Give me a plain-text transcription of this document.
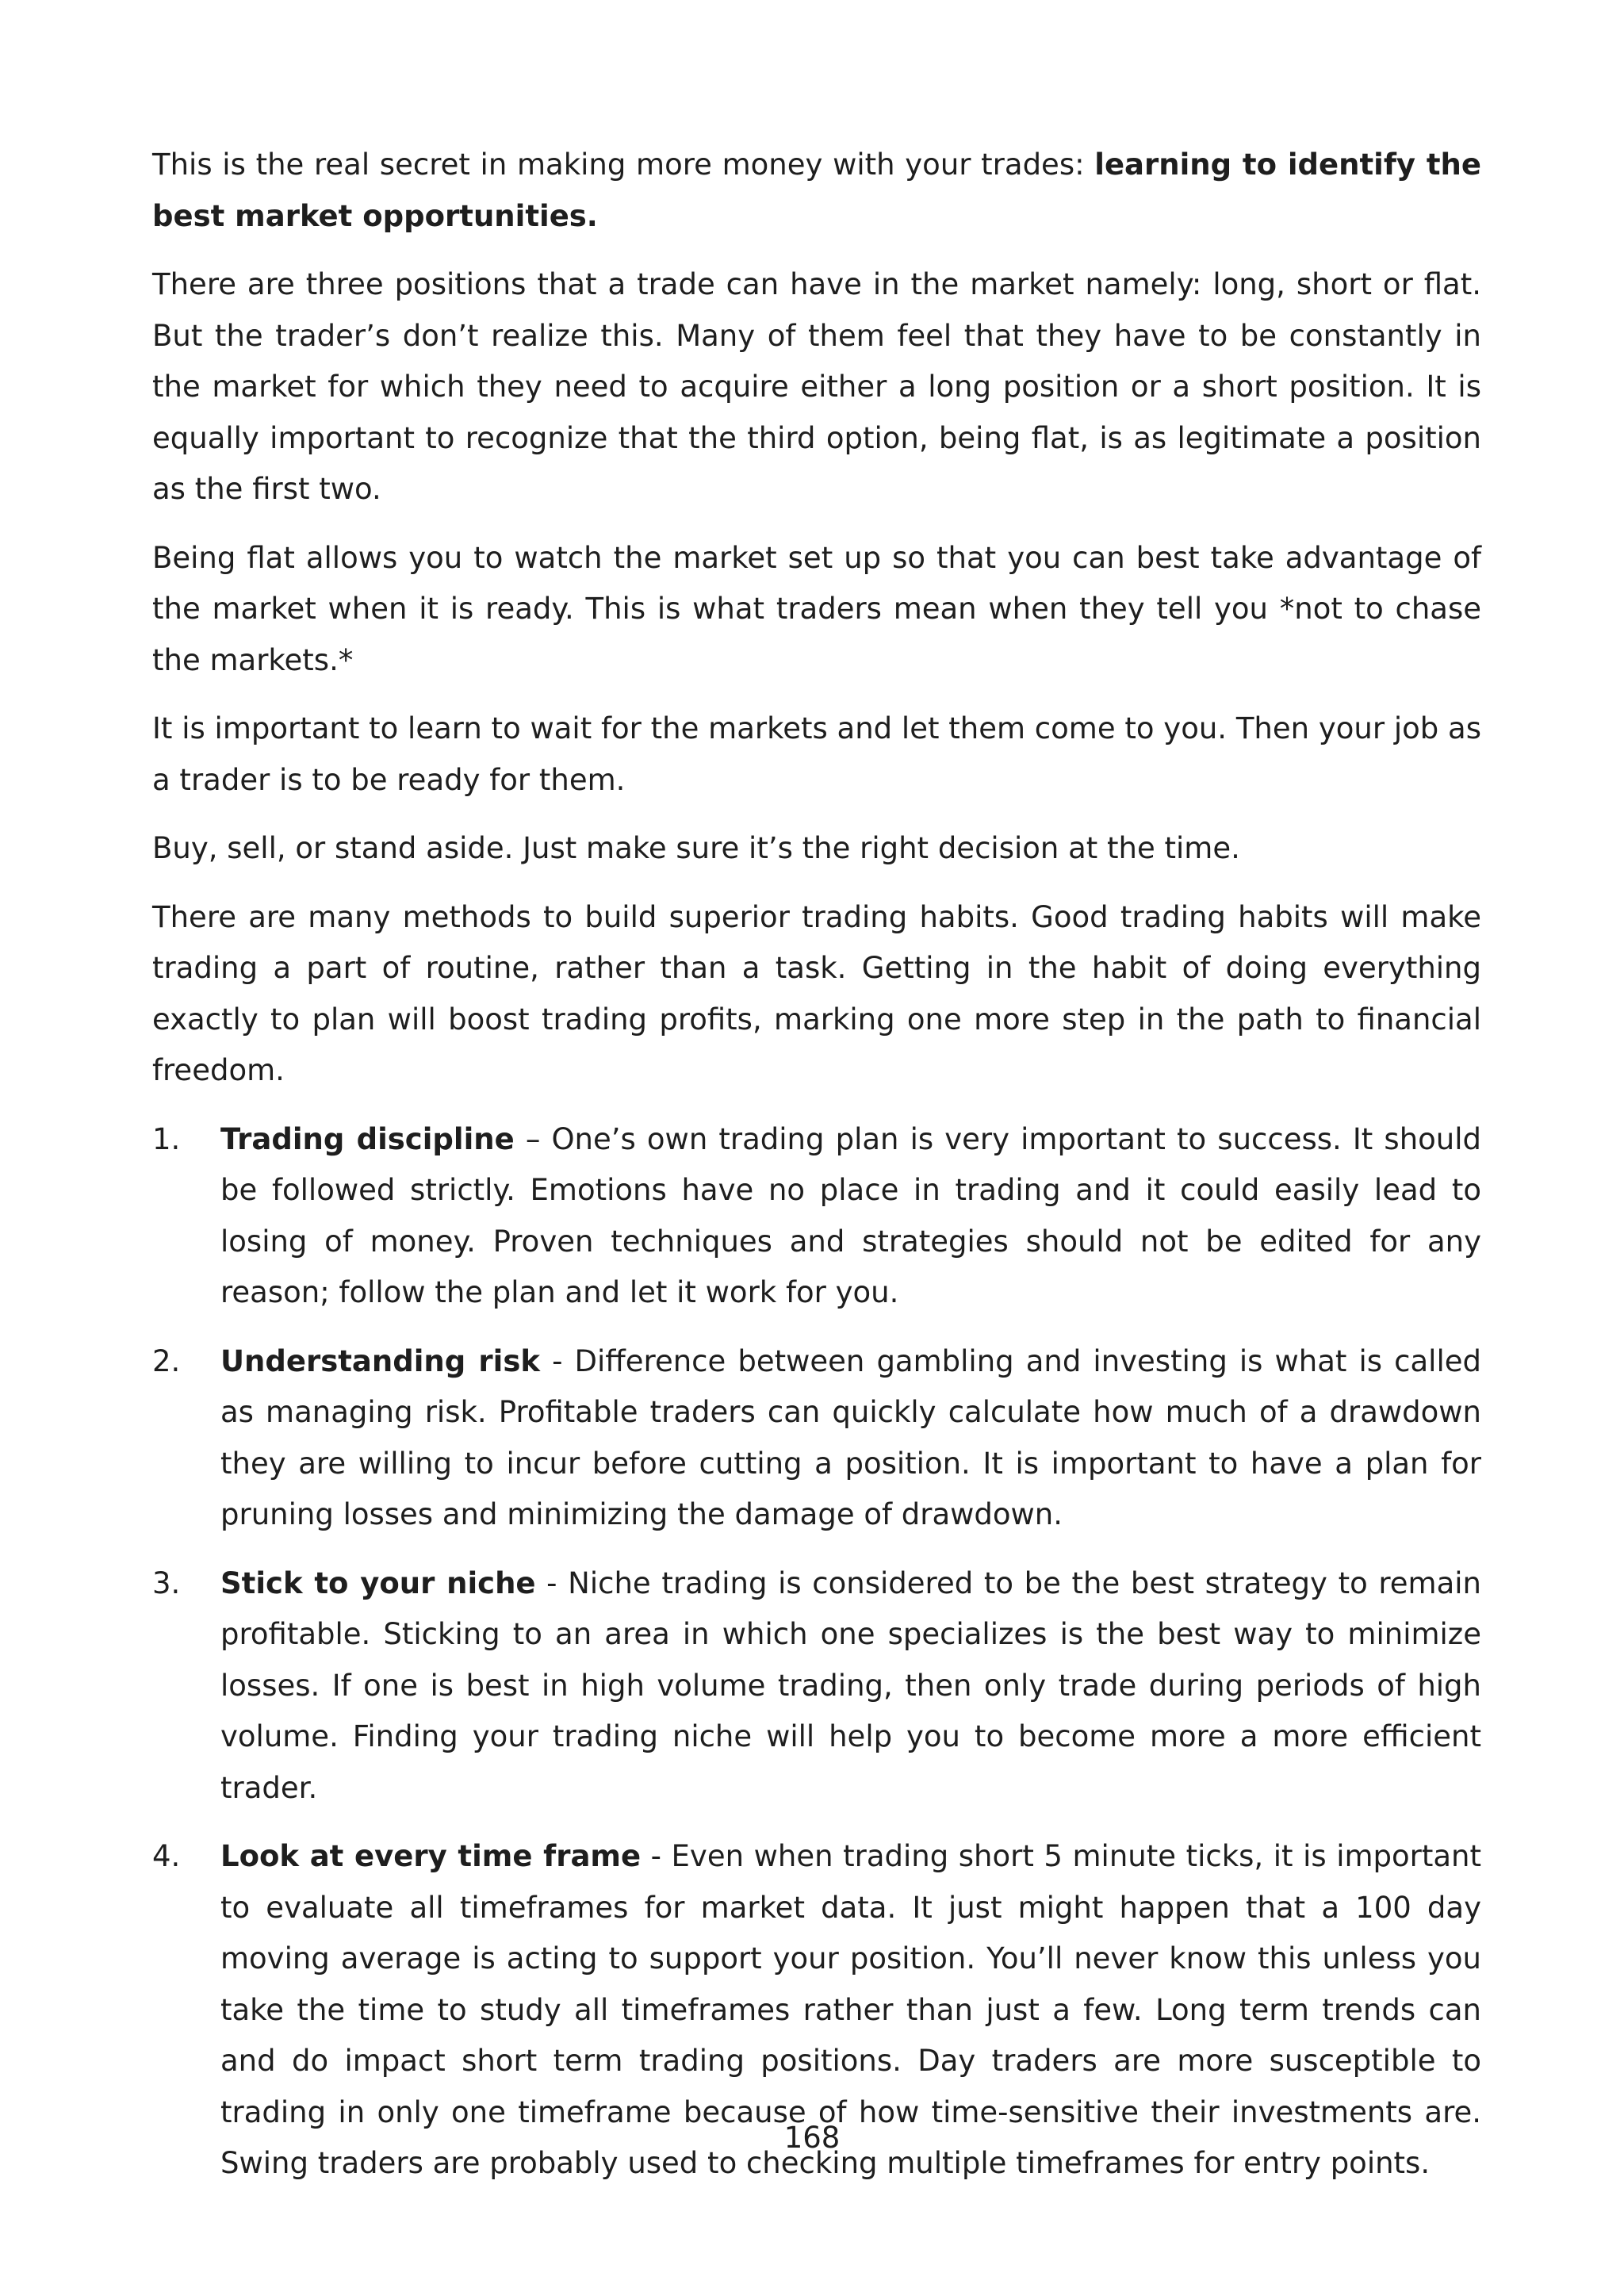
This is the real secret in making more money with your trades: learning to identify the best market opportunities.

There are three positions that a trade can have in the market namely: long, short or flat. But the trader’s don’t realize this. Many of them feel that they have to be constantly in the market for which they need to acquire either a long position or a short position. It is equally important to recognize that the third option, being flat, is as legitimate a position as the first two.

Being flat allows you to watch the market set up so that you can best take advantage of the market when it is ready. This is what traders mean when they tell you *not to chase the markets.*

It is important to learn to wait for the markets and let them come to you. Then your job as a trader is to be ready for them.

Buy, sell, or stand aside. Just make sure it’s the right decision at the time.

There are many methods to build superior trading habits. Good trading habits will make trading a part of routine, rather than a task. Getting in the habit of doing everything exactly to plan will boost trading profits, marking one more step in the path to financial freedom.

1. Trading discipline – One’s own trading plan is very important to success. It should be followed strictly. Emotions have no place in trading and it could easily lead to losing of money. Proven techniques and strategies should not be edited for any reason; follow the plan and let it work for you.
2. Understanding risk - Difference between gambling and investing is what is called as managing risk. Profitable traders can quickly calculate how much of a drawdown they are willing to incur before cutting a position. It is important to have a plan for pruning losses and minimizing the damage of drawdown.
3. Stick to your niche - Niche trading is considered to be the best strategy to remain profitable. Sticking to an area in which one specializes is the best way to minimize losses. If one is best in high volume trading, then only trade during periods of high volume. Finding your trading niche will help you to become more a more efficient trader.
4. Look at every time frame - Even when trading short 5 minute ticks, it is important to evaluate all timeframes for market data. It just might happen that a 100 day moving average is acting to support your position. You’ll never know this unless you take the time to study all timeframes rather than just a few. Long term trends can and do impact short term trading positions. Day traders are more susceptible to trading in only one timeframe because of how time-sensitive their investments are. Swing traders are probably used to checking multiple timeframes for entry points.
168
